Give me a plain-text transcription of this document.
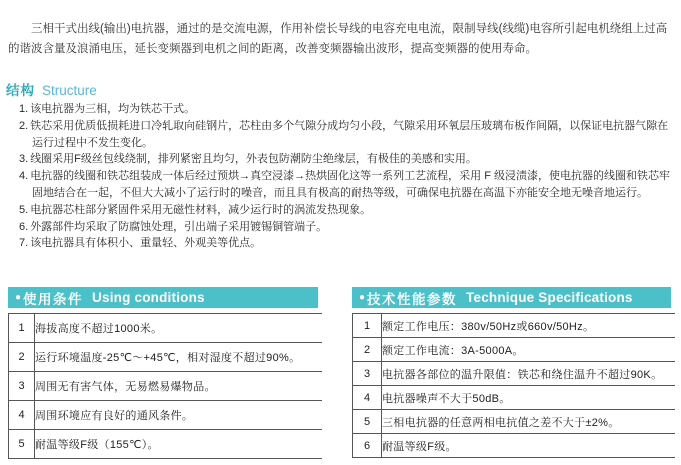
三相干式出线(输出)电抗器，通过的是交流电源，作用补偿长导线的电容充电电流，限制导线(线缆)电容所引起电机绕组上过高的谐波含量及浪涌电压，延长变频器到电机之间的距离，改善变频器输出波形，提高变频器的使用寿命。

结构 Structure
1. 该电抗器为三相，均为铁芯干式。
2. 铁芯采用优质低损耗进口冷轧取向硅钢片，芯柱由多个气隙分成均匀小段，气隙采用环氧层压玻璃布板作间隔，以保证电抗器气隙在运行过程中不发生变化。
3. 线圈采用F级丝包线绕制，排列紧密且均匀，外表包防潮防尘绝缘层，有极佳的美感和实用。
4. 电抗器的线圈和铁芯组装成一体后经过预烘→真空浸漆→热烘固化这等一系列工艺流程，采用 F 级浸渍漆，使电抗器的线圈和铁芯牢固地结合在一起，不但大大减小了运行时的噪音，而且具有极高的耐热等级，可确保电抗器在高温下亦能安全地无噪音地运行。
5. 电抗器芯柱部分紧固件采用无磁性材料，减少运行时的涡流发热现象。
6. 外露部件均采取了防腐蚀处理，引出端子采用镀锡铜管端子。
7. 该电抗器具有体积小、重量轻、外观美等优点。
● 使用条件 Using conditions
1	海拔高度不超过1000米。
2	运行环境温度-25℃～+45℃，相对湿度不超过90%。
3	周围无有害气体，无易燃易爆物品。
4	周围环境应有良好的通风条件。
5	耐温等级F级（155℃）。
● 技术性能参数 Technique Specifications
1	额定工作电压：380v/50Hz或660v/50Hz。
2	额定工作电流：3A-5000A。
3	电抗器各部位的温升限值：铁芯和绕住温升不超过90K。
4	电抗器噪声不大于50dB。
5	三相电抗器的任意两相电抗值之差不大于±2%。
6	耐温等级F级。
